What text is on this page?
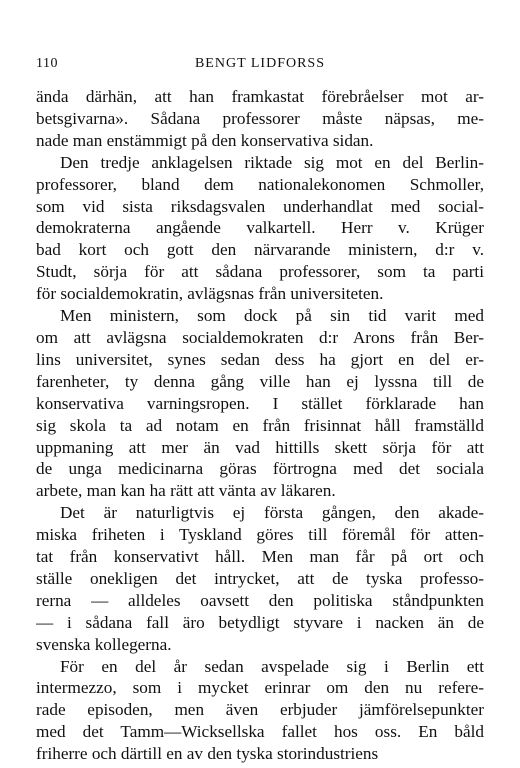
110	BENGT LIDFORSS

ända därhän, att han framkastat förebråelser mot ar-
betsgivarna». Sådana professorer måste näpsas, me-
nade man enstämmigt på den konservativa sidan.

Den tredje anklagelsen riktade sig mot en del Berlin-
professorer, bland dem nationalekonomen Schmoller,
som vid sista riksdagsvalen underhandlat med social-
demokraterna angående valkartell. Herr v. Krüger
bad kort och gott den närvarande ministern, d:r v.
Studt, sörja för att sådana professorer, som ta parti
för socialdemokratin, avlägsnas från universiteten.

Men ministern, som dock på sin tid varit med
om att avlägsna socialdemokraten d:r Arons från Ber-
lins universitet, synes sedan dess ha gjort en del er-
farenheter, ty denna gång ville han ej lyssna till de
konservativa varningsropen. I stället förklarade han
sig skola ta ad notam en från frisinnat håll framställd
uppmaning att mer än vad hittills skett sörja för att
de unga medicinarna göras förtrogna med det sociala
arbete, man kan ha rätt att vänta av läkaren.

Det är naturligtvis ej första gången, den akade-
miska friheten i Tyskland göres till föremål för atten-
tat från konservativt håll. Men man får på ort och
ställe onekligen det intrycket, att de tyska professo-
rerna — alldeles oavsett den politiska ståndpunkten
— i sådana fall äro betydligt styvare i nacken än de
svenska kollegerna.

För en del år sedan avspelade sig i Berlin ett
intermezzo, som i mycket erinrar om den nu refere-
rade episoden, men även erbjuder jämförelsepunkter
med det Tamm—Wicksellska fallet hos oss. En båld
friherre och därtill en av den tyska storindustriens
